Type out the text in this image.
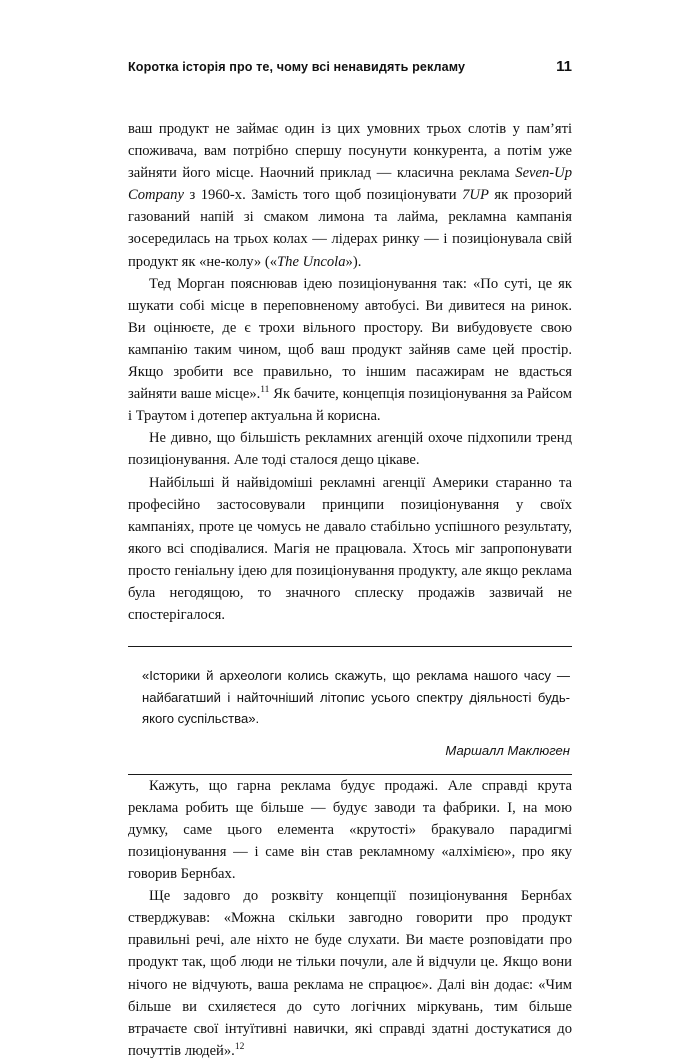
Коротка історія про те, чому всі ненавидять рекламу	11

ваш продукт не займає один із цих умовних трьох слотів у пам’яті споживача, вам потрібно спершу посунути конкурента, а потім уже зайняти його місце. Наочний приклад — класична реклама Seven-Up Company з 1960-х. Замість того щоб позиціонувати 7UP як прозорий газований напій зі смаком лимона та лайма, рекламна кампанія зосередилась на трьох колах — лідерах ринку — і позиціонувала свій продукт як «не-колу» («The Uncola»).

Тед Морган пояснював ідею позиціонування так: «По суті, це як шукати собі місце в переповненому автобусі. Ви дивитеся на ринок. Ви оцінюєте, де є трохи вільного простору. Ви вибудовуєте свою кампанію таким чином, щоб ваш продукт зайняв саме цей простір. Якщо зробити все правильно, то іншим пасажирам не вдасться зайняти ваше місце».$^{11}$ Як бачите, концепція позиціонування за Райсом і Траутом і дотепер актуальна й корисна.

Не дивно, що більшість рекламних агенцій охоче підхопили тренд позиціонування. Але тоді сталося дещо цікаве.

Найбільші й найвідоміші рекламні агенції Америки старанно та професійно застосовували принципи позиціонування у своїх кампаніях, проте це чомусь не давало стабільно успішного результату, якого всі сподівалися. Магія не працювала. Хтось міг запропонувати просто геніальну ідею для позиціонування продукту, але якщо реклама була негодящою, то значного сплеску продажів зазвичай не спостерігалося.

«Історики й археологи колись скажуть, що реклама нашого часу — найбагатший і найточніший літопис усього спектру діяльності будь-якого суспільства».

Маршалл Маклюген

Кажуть, що гарна реклама будує продажі. Але справді крута реклама робить ще більше — будує заводи та фабрики. І, на мою думку, саме цього елемента «крутості» бракувало парадигмі позиціонування — і саме він став рекламному «алхімією», про яку говорив Бернбах.

Ще задовго до розквіту концепції позиціонування Бернбах стверджував: «Можна скільки завгодно говорити про продукт правильні речі, але ніхто не буде слухати. Ви маєте розповідати про продукт так, щоб люди не тільки почули, але й відчули це. Якщо вони нічого не відчують, ваша реклама не спрацює». Далі він додає: «Чим більше ви схиляєтеся до суто логічних міркувань, тим більше втрачаєте свої інтуїтивні навички, які справді здатні достукатися до почуттів людей».$^{12}$
